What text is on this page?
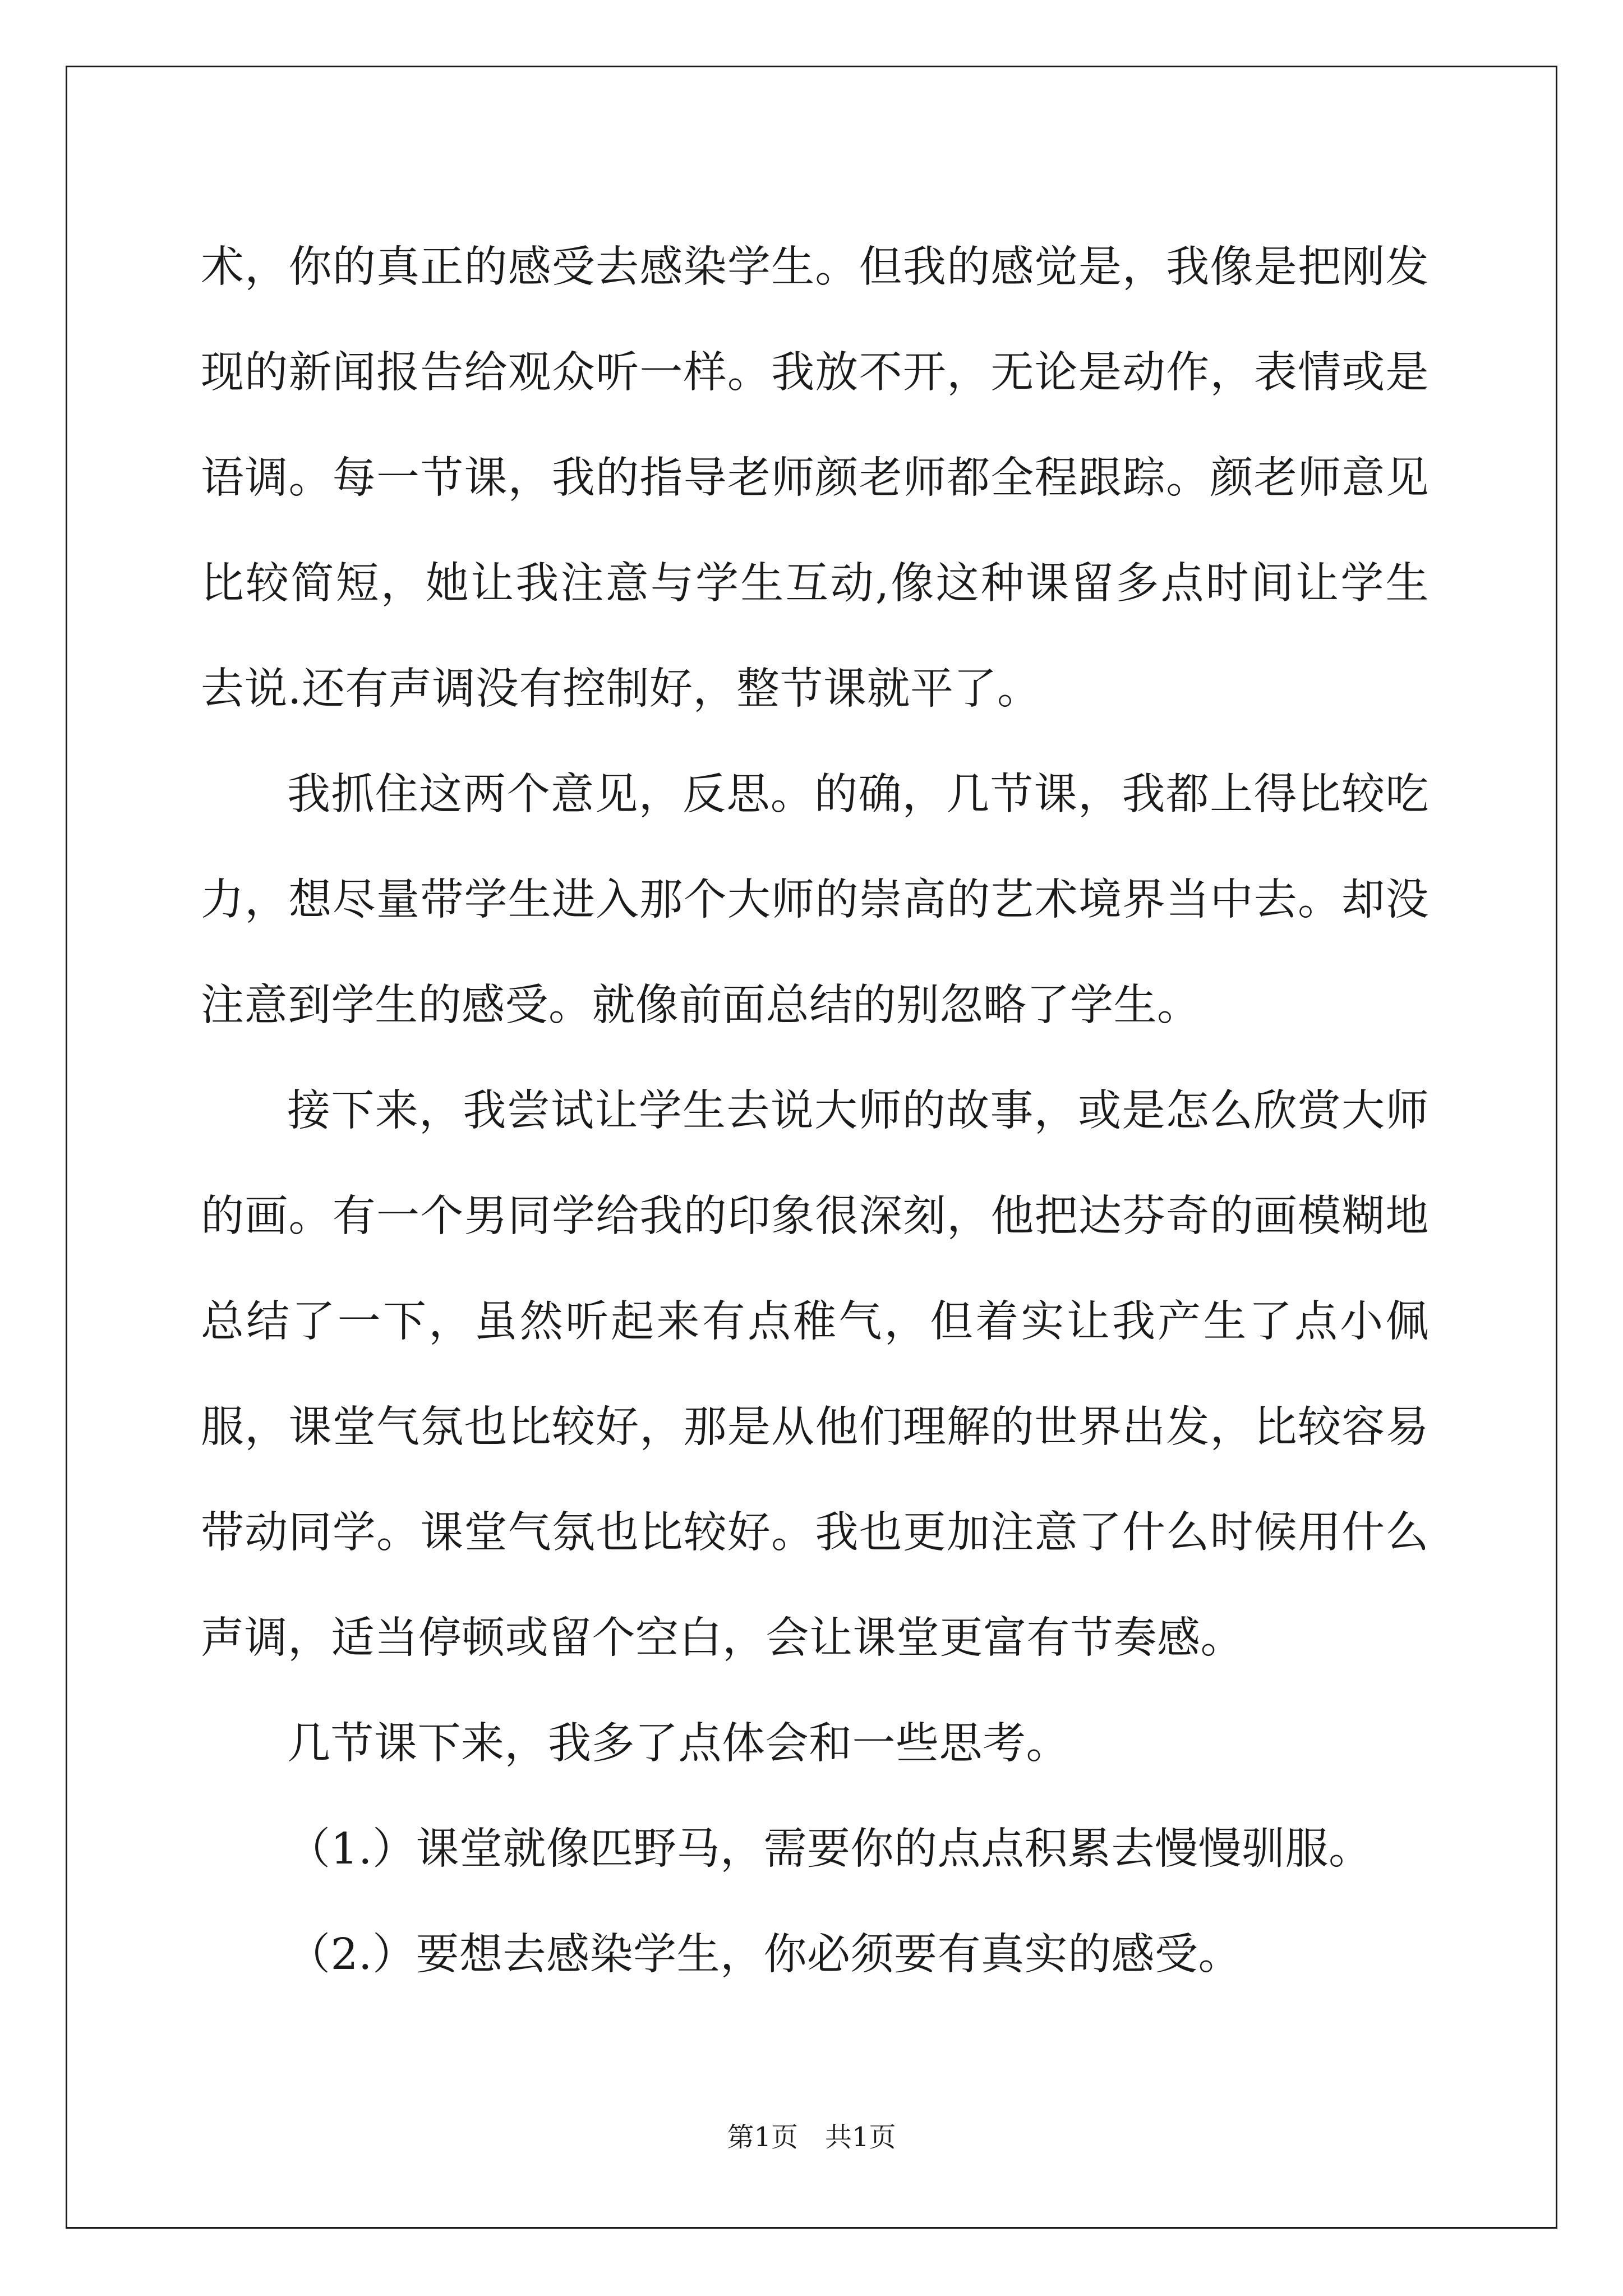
术，你的真正的感受去感染学生。但我的感觉是，我像是把刚发现的新闻报告给观众听一样。我放不开，无论是动作，表情或是语调。每一节课，我的指导老师颜老师都全程跟踪。颜老师意见比较简短，她让我注意与学生互动,像这种课留多点时间让学生去说.还有声调没有控制好，整节课就平了。

我抓住这两个意见，反思。的确，几节课，我都上得比较吃力，想尽量带学生进入那个大师的崇高的艺术境界当中去。却没注意到学生的感受。就像前面总结的别忽略了学生。

接下来，我尝试让学生去说大师的故事，或是怎么欣赏大师的画。有一个男同学给我的印象很深刻，他把达芬奇的画模糊地总结了一下，虽然听起来有点稚气，但着实让我产生了点小佩服，课堂气氛也比较好，那是从他们理解的世界出发，比较容易带动同学。课堂气氛也比较好。我也更加注意了什么时候用什么声调，适当停顿或留个空白，会让课堂更富有节奏感。

几节课下来，我多了点体会和一些思考。

（1.）课堂就像匹野马，需要你的点点积累去慢慢驯服。

（2.）要想去感染学生，你必须要有真实的感受。

第1页　共1页
